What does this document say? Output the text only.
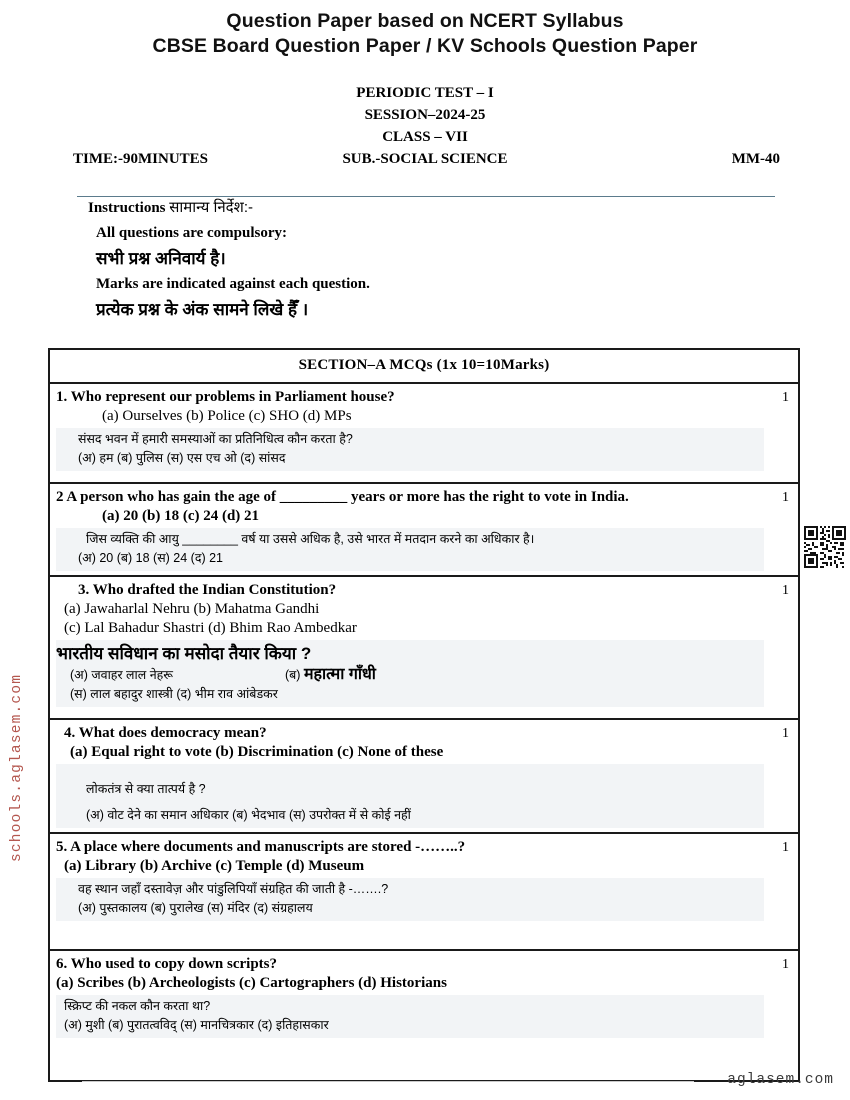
Question Paper based on NCERT Syllabus
CBSE Board Question Paper / KV Schools Question Paper
PERIODIC TEST – I
SESSION–2024-25
CLASS – VII
TIME:-90MINUTES	SUB.-SOCIAL SCIENCE	MM-40
Instructions सामान्य निर्देश:-
All questions are compulsory:
सभी प्रश्न अनिवार्य है।
Marks are indicated against each question.
प्रत्येक प्रश्न के अंक सामने लिखे हैँ ।
SECTION–A MCQs (1x 10=10Marks)
1
1. Who represent our problems in Parliament house?
(a) Ourselves (b) Police (c) SHO (d) MPs
संसद भवन में हमारी समस्याओं का प्रतिनिधित्व कौन करता है?
(अ) हम (ब) पुलिस (स) एस एच ओ (द) सांसद
1
2 A person who has gain the age of _________ years or more has the right to vote in India.
(a) 20 (b) 18 (c) 24 (d) 21
जिस व्यक्ति की आयु ________ वर्ष या उससे अधिक है, उसे भारत में मतदान करने का अधिकार है।
(अ) 20 (ब) 18 (स) 24 (द) 21
1
3. Who drafted the Indian Constitution?
(a) Jawaharlal Nehru (b) Mahatma Gandhi
(c) Lal Bahadur Shastri (d) Bhim Rao Ambedkar
भारतीय सविधान का मसोदा तैयार किया ?
(अ) जवाहर लाल नेहरू	(ब) महात्मा गाँधी
(स) लाल बहादुर शास्त्री (द) भीम राव आंबेडकर
1
4. What does democracy mean?
(a) Equal right to vote (b) Discrimination (c) None of these
लोकतंत्र से क्या तात्पर्य है ?
(अ) वोट देने का समान अधिकार (ब) भेदभाव (स) उपरोक्त में से कोई नहीं
1
5. A place where documents and manuscripts are stored -……..?
(a) Library (b) Archive (c) Temple (d) Museum
वह स्थान जहाँ दस्तावेज़ और पांडुलिपियाँ संग्रहित की जाती है -…….?
(अ) पुस्तकालय (ब) पुरालेख (स) मंदिर (द) संग्रहालय
1
6. Who used to copy down scripts?
(a) Scribes (b) Archeologists (c) Cartographers (d) Historians
स्क्रिप्ट की नकल कौन करता था?
(अ) मुशी (ब) पुरातत्वविद् (स) मानचित्रकार (द) इतिहासकार
schools.aglasem.com
aglasem.com
